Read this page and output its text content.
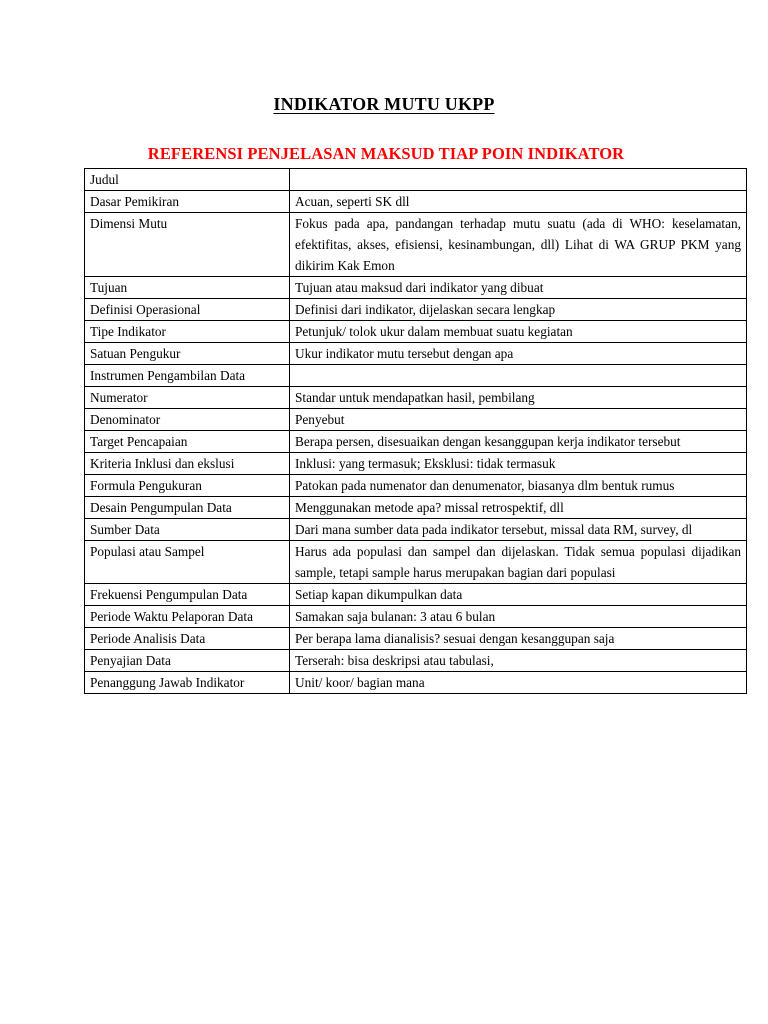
INDIKATOR MUTU UKPP
REFERENSI PENJELASAN MAKSUD TIAP POIN INDIKATOR
Judul	
Dasar Pemikiran	Acuan, seperti SK dll
Dimensi Mutu	Fokus pada apa, pandangan terhadap mutu suatu (ada di WHO: keselamatan, efektifitas, akses, efisiensi, kesinambungan, dll) Lihat di WA GRUP PKM yang dikirim Kak Emon
Tujuan	Tujuan atau maksud dari indikator yang dibuat
Definisi Operasional	Definisi dari indikator, dijelaskan secara lengkap
Tipe Indikator	Petunjuk/ tolok ukur dalam membuat suatu kegiatan
Satuan Pengukur	Ukur indikator mutu tersebut dengan apa
Instrumen Pengambilan Data	
Numerator	Standar untuk mendapatkan hasil, pembilang
Denominator	Penyebut
Target Pencapaian	Berapa persen, disesuaikan dengan kesanggupan kerja indikator tersebut
Kriteria Inklusi dan ekslusi	Inklusi: yang termasuk; Eksklusi: tidak termasuk
Formula Pengukuran	Patokan pada numenator dan denumenator, biasanya dlm bentuk rumus
Desain Pengumpulan Data	Menggunakan metode apa? missal retrospektif, dll
Sumber Data	Dari mana sumber data pada indikator tersebut, missal data RM, survey, dl
Populasi atau Sampel	Harus ada populasi dan sampel dan dijelaskan. Tidak semua populasi dijadikan sample, tetapi sample harus merupakan bagian dari populasi
Frekuensi Pengumpulan Data	Setiap kapan dikumpulkan data
Periode Waktu Pelaporan Data	Samakan saja bulanan: 3 atau 6 bulan
Periode Analisis Data	Per berapa lama dianalisis? sesuai dengan kesanggupan saja
Penyajian Data	Terserah: bisa deskripsi atau tabulasi,
Penanggung Jawab Indikator	Unit/ koor/ bagian mana
